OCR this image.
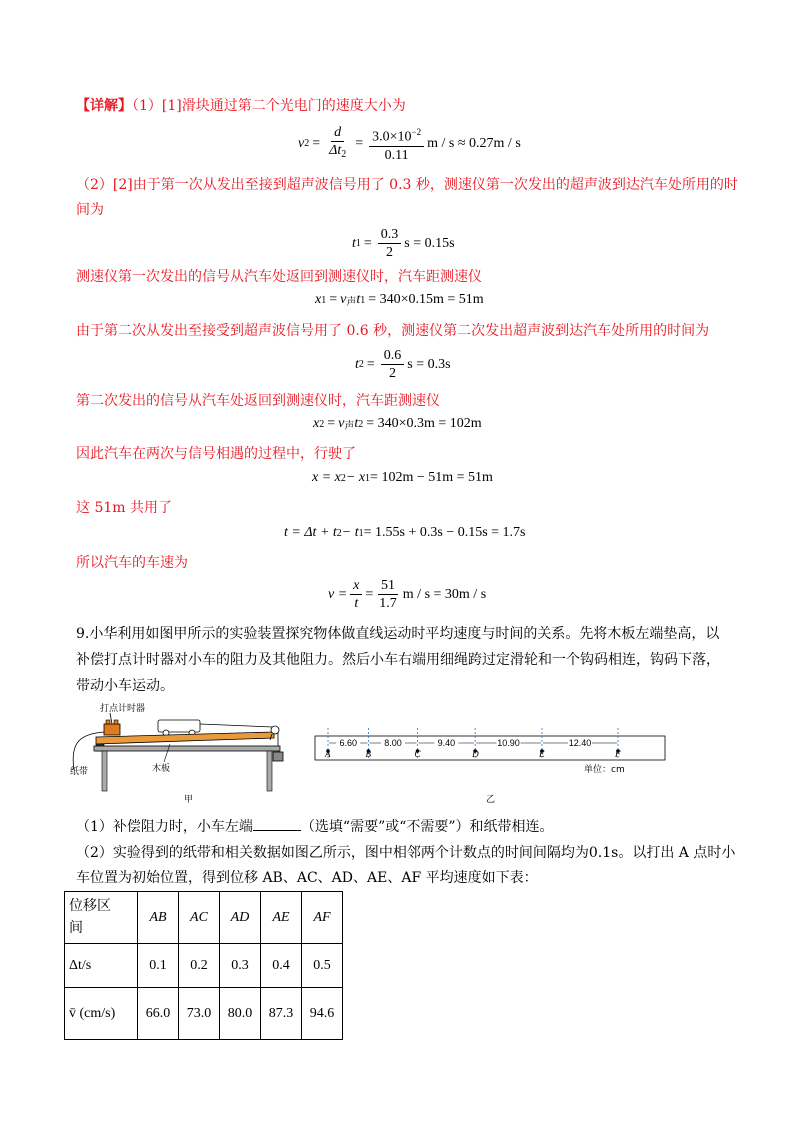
【详解】（1）[1]滑块通过第二个光电门的速度大小为
v $2 = \frac{d}{\Delta t_2} = \frac{3.0\times 10^{-2}}{0.11}$ m / s ≈ 0.27m / s
（2）[2]由于第一次从发出至接到超声波信号用了 0.3 秒，测速仪第一次发出的超声波到达汽车处所用的时
间为
t $1 = \frac{0.3}{2}$ s = 0.15s
测速仪第一次发出的信号从汽车处返回到测速仪时，汽车距测速仪
x 1 = v 声 t 1 = 340×0.15m = 51m
由于第二次从发出至接受到超声波信号用了 0.6 秒，测速仪第二次发出超声波到达汽车处所用的时间为
t $2 = \frac{0.6}{2}$ s = 0.3s
第二次发出的信号从汽车处返回到测速仪时，汽车距测速仪
x 2 = v 声 t 2 = 340×0.3m = 102m
因此汽车在两次与信号相遇的过程中，行驶了
x = x 2 − x 1 = 102m − 51m = 51m
这 51m 共用了
t = Δt + t 2 − t 1 = 1.55s + 0.3s − 0.15s = 1.7s
所以汽车的车速为
$v = \frac{x}{t} = \frac{51}{1.7}$ m / s = 30m / s
9.小华利用如图甲所示的实验装置探究物体做直线运动时平均速度与时间的关系。先将木板左端垫高，以
补偿打点计时器对小车的阻力及其他阻力。然后小车右端用细绳跨过定滑轮和一个钩码相连，钩码下落，
带动小车运动。
打点计时器
纸带	木板
甲
A	B	C	D	E	F
6.60	8.00	9.40	10.90	12.40
单位：cm
乙
（1）补偿阻力时，小车左端	（选填“需要”或“不需要”）和纸带相连。
（2）实验得到的纸带和相关数据如图乙所示，图中相邻两个计数点的时间间隔均为0.1s。以打出 A 点时小
车位置为初始位置，得到位移 AB、AC、AD、AE、AF 平均速度如下表：
位移区
间	AB	AC	AD	AE	AF
Δt/s	0.1	0.2	0.3	0.4	0.5
v̄ (cm/s)	66.0	73.0	80.0	87.3	94.6
